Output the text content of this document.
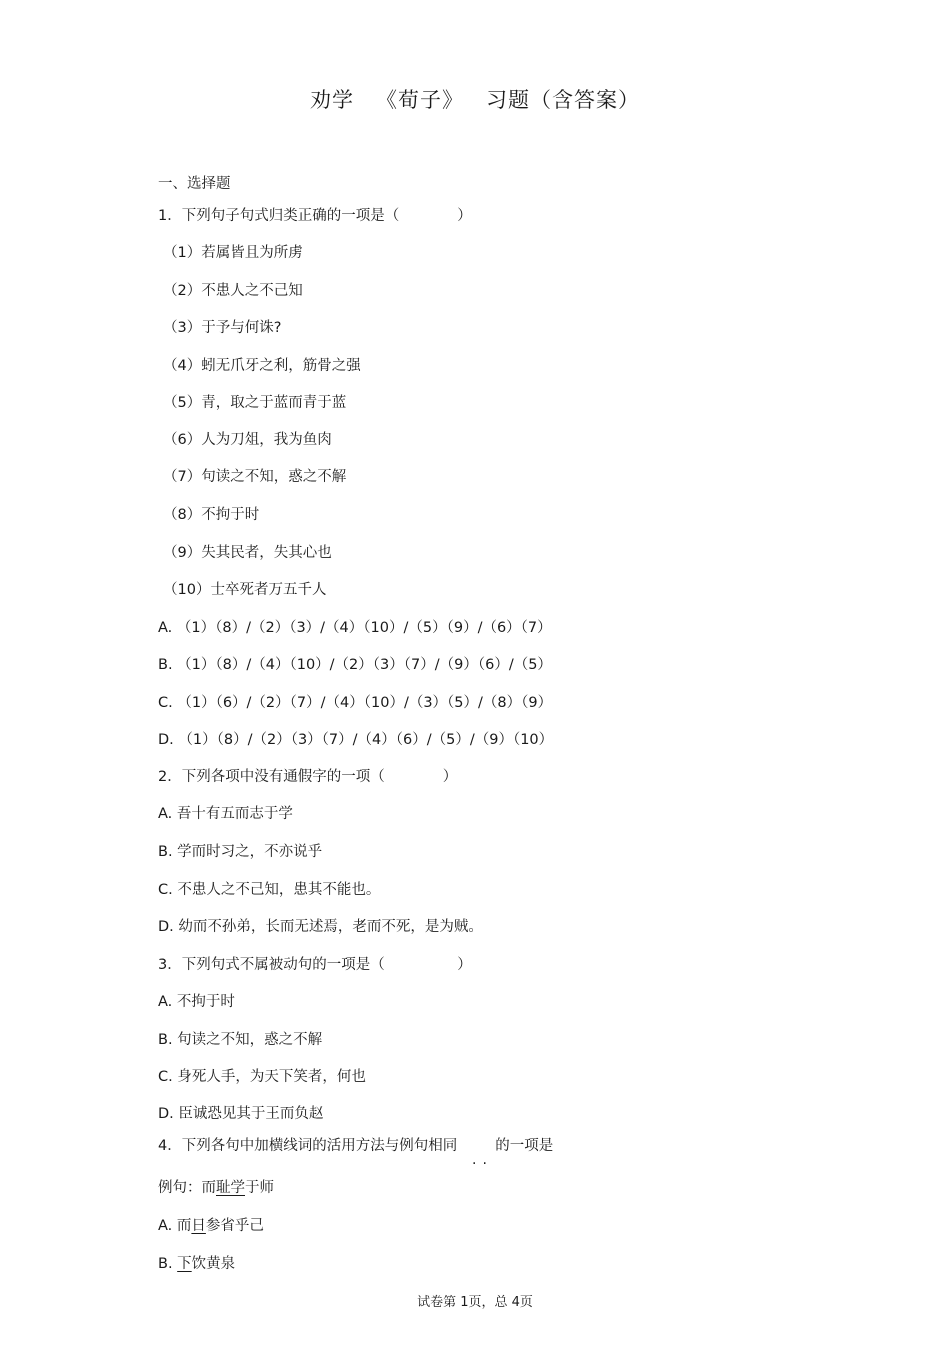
劝学 《荀子》 习题（含答案）
一、选择题
1．下列句子句式归类正确的一项是（　　　　）
（1）若属皆且为所虏
（2）不患人之不己知
（3）于予与何诛?
（4）蚓无爪牙之利，筋骨之强
（5）青，取之于蓝而青于蓝
（6）人为刀俎，我为鱼肉
（7）句读之不知，惑之不解
（8）不拘于时
（9）失其民者，失其心也
（10）士卒死者万五千人
A. （1）（8）/（2）（3）/（4）（10）/（5）（9）/（6）（7）
B. （1）（8）/（4）（10）/（2）（3）（7）/（9）（6）/（5）
C. （1）（6）/（2）（7）/（4）（10）/（3）（5）/（8）（9）
D. （1）（8）/（2）（3）（7）/（4）（6）/（5）/（9）（10）
2．下列各项中没有通假字的一项（　　　　）
A. 吾十有五而志于学
B. 学而时习之，不亦说乎
C. 不患人之不己知，患其不能也。
D. 幼而不孙弟，长而无述焉，老而不死，是为贼。
3．下列句式不属被动句的一项是（　　　　　）
A. 不拘于时
B. 句读之不知，惑之不解
C. 身死人手，为天下笑者，何也
D. 臣诚恐见其于王而负赵
4．下列各句中加横线词的活用方法与例句相同	的一项是
..
例句：而耻学于师
A. 而日参省乎己
B. 下饮黄泉
试卷第 1页，总 4页
